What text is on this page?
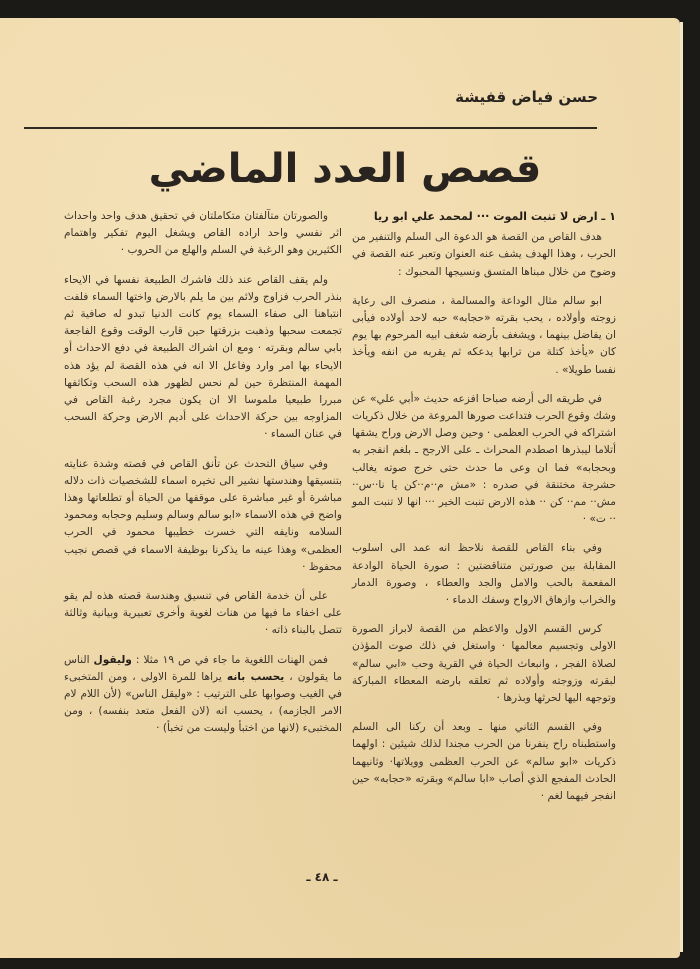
حسن فياض قفيشة
قصص العدد الماضي

١ ـ ارض لا تنبت الموت ··· لمحمد علي ابو ريا

هدف القاص من القصة هو الدعوة الى السلم والتنفير من الحرب ، وهذا الهدف يشف عنه العنوان وتعبر عنه القصة في وضوح من خلال مبناها المتسق ونسيجها المحبوك :

ابو سالم مثال الوداعة والمسالمة ، منصرف الى رعاية زوجته وأولاده ، يحب بقرته «حجابه» حبه لاحد أولاده فيأبى ان يفاضل بينهما ، ويشغف بأرضه شغف ابيه المرحوم بها يوم كان «يأخذ كتلة من ترابها يدعكه ثم يقربه من انفه ويأخذ نفسا طويلا» .

في طريقه الى أرضه صباحا افزعه حديث «أبي علي» عن وشك وقوع الحرب فتداعت صورها المروعة من خلال ذكريات اشتراكه في الحرب العظمى · وحين وصل الارض وراح يشقها أتلاما ليبذرها اصطدم المحراث ـ على الارجح ـ بلغم انفجر به وبحجابه» فما ان وعى ما حدث حتى خرج صوته يغالب حشرجة مختنقة في صدره : «مش م··م··كن يا نا··س·· مش·· مم·· كن ·· هذه الارض تنبت الخير ··· انها لا تنبت المو ·· ت» ·

وفي بناء القاص للقصة نلاحظ انه عمد الى اسلوب المقابلة بين صورتين متناقضتين : صورة الحياة الوادعة المفعمة بالحب والامل والجد والعطاء ، وصورة الدمار والخراب وازهاق الارواح وسفك الدماء ·

كرس القسم الاول والاعظم من القصة لابراز الصورة الاولى وتجسيم معالمها · واستغل في ذلك صوت المؤذن لصلاة الفجر ، وانبعاث الحياة في القرية وحب «ابي سالم» لبقرته وزوجته وأولاده ثم تعلقه بارضه المعطاء المباركة وتوجهه اليها لحرثها وبذرها ·

وفي القسم الثاني منها ـ وبعد أن ركنا الى السلم واستطبناه راح ينفرنا من الحرب مجندا لذلك شيئين : اولهما ذكريات «ابو سالم» عن الحرب العظمى وويلاتها· وثانيهما الحادث المفجع الذي أصاب «ابا سالم» وبقرته «حجابه» حين انفجر فيهما لغم ·

والصورتان متآلفتان متكاملتان في تحقيق هدف واحد واحداث اثر نفسي واحد اراده القاص ويشغل اليوم تفكير واهتمام الكثيرين وهو الرغبة في السلم والهلع من الحروب ·

ولم يقف القاص عند ذلك فاشرك الطبيعة نفسها في الايحاء بنذر الحرب فزاوج ولائم بين ما يلم بالارض واختها السماء فلفت انتباهنا الى صفاء السماء يوم كانت الدنيا تبدو له صافية ثم تجمعت سحبها وذهبت بزرقتها حين قارب الوقت وقوع الفاجعة بابي سالم وبقرته · ومع ان اشراك الطبيعة في دفع الاحداث أو الايحاء بها امر وارد وفاعل الا انه في هذه القصة لم يؤد هذه المهمة المنتظرة حين لم نحس لظهور هذه السحب وتكاثفها مبررا طبيعيا ملموسا الا ان يكون مجرد رغبة القاص في المزاوجه بين حركة الاحداث على أديم الارض وحركة السحب في عنان السماء ·

وفي سياق التحدث عن تأنق القاص في قصته وشدة عنايته بتنسيقها وهندستها نشير الى تخيره اسماء للشخصيات ذات دلاله مباشرة أو غير مباشرة على موقفها من الحياة أو تطلعاتها وهذا واضح في هذه الاسماء «ابو سالم وسالم وسليم وحجابه ومحمود السلامه ونايفه التي خسرت خطيبها محمود في الحرب العظمى» وهذا عينه ما يذكرنا بوظيفة الاسماء في قصص نجيب محفوظ ·

على أن خدمة القاص في تنسيق وهندسة قصته هذه لم يقو على اخفاء ما فيها من هنات لغوية وأخرى تعبيرية وبيانية وثالثة تتصل بالبناء ذاته ·

فمن الهنات اللغوية ما جاء في ص ١٩ مثلا : وليقول الناس ما يقولون ، يحسب بانه يراها للمرة الاولى ، ومن المتخبىء في الغيب وصوابها على الترتيب : «وليقل الناس» (لأن اللام لام الامر الجازمه) ، يحسب انه (لان الفعل متعد بنفسه) ، ومن المختبىء (لانها من اختبأ وليست من تخبأ) ·

ـ ٤٨ ـ
